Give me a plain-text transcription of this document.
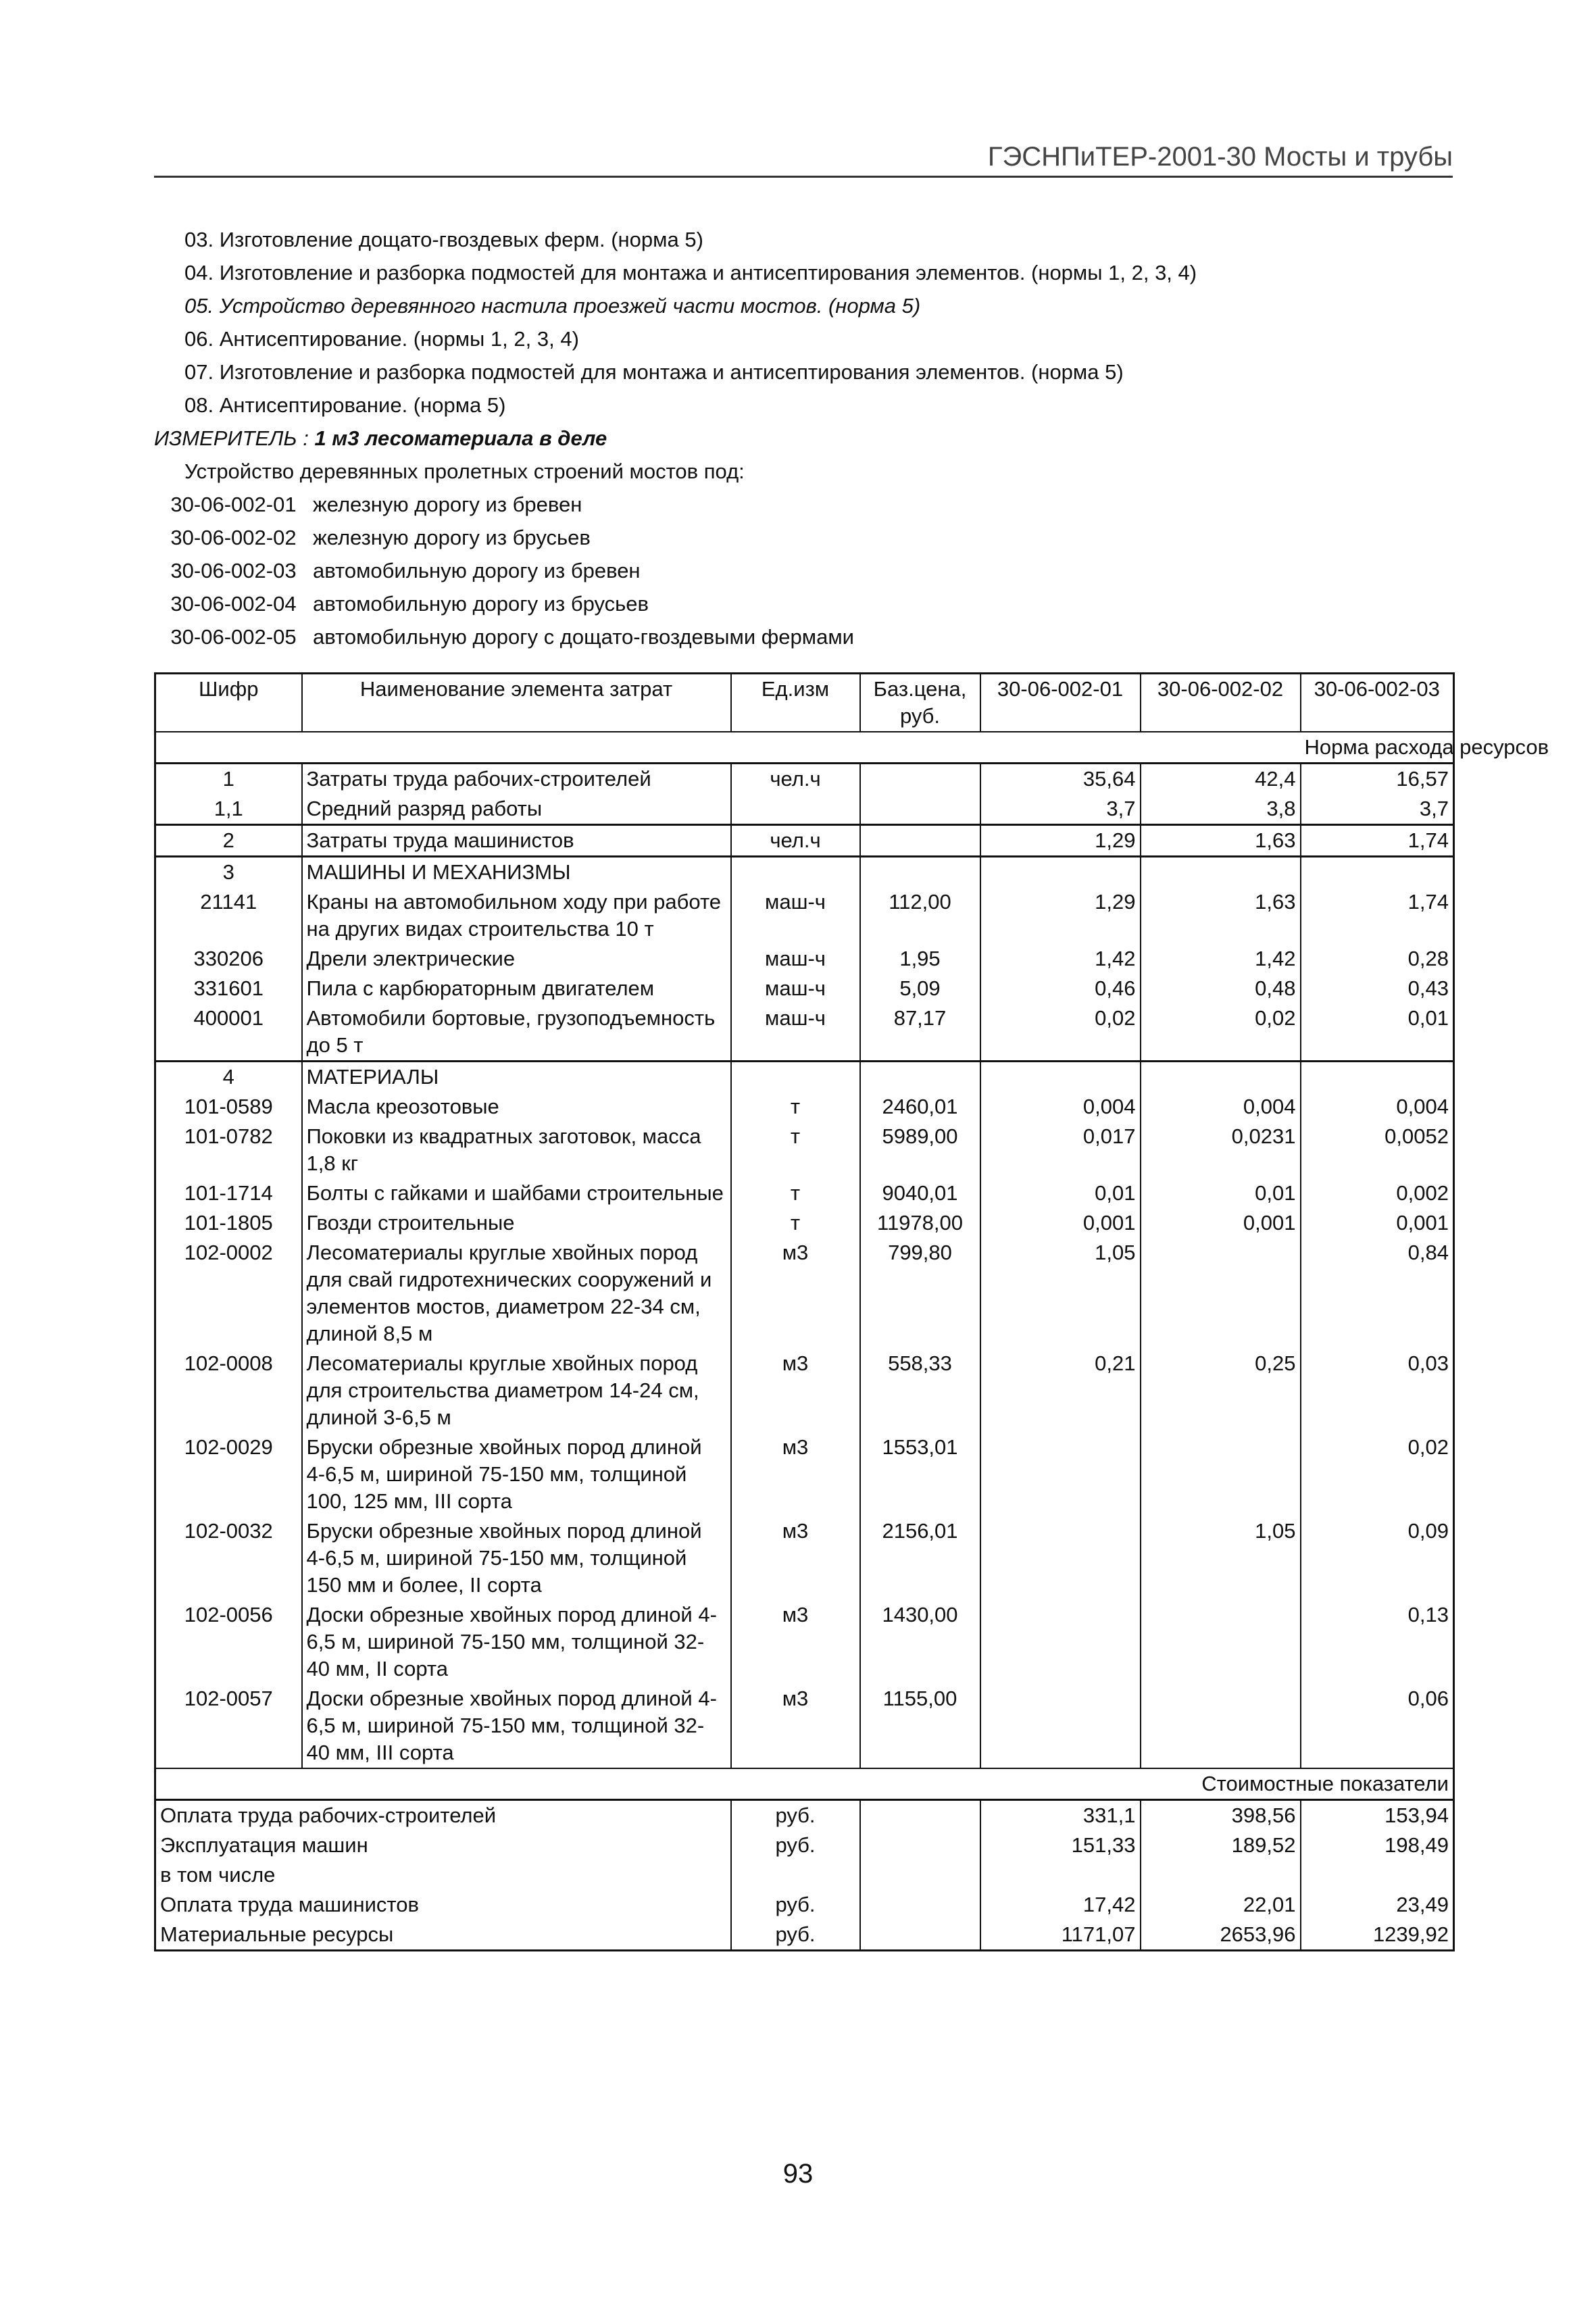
ГЭСНПиТЕР-2001-30 Мосты и трубы
03. Изготовление дощато-гвоздевых ферм. (норма 5)
04. Изготовление и разборка подмостей для монтажа и антисептирования элементов. (нормы 1, 2, 3, 4)
05. Устройство деревянного настила проезжей части мостов. (норма 5)
06. Антисептирование. (нормы 1, 2, 3, 4)
07. Изготовление и разборка подмостей для монтажа и антисептирования элементов. (норма 5)
08. Антисептирование. (норма 5)
ИЗМЕРИТЕЛЬ : 1 м3 лесоматериала в деле
Устройство деревянных пролетных строений мостов под:
30-06-002-01 железную дорогу из бревен
30-06-002-02 железную дорогу из брусьев
30-06-002-03 автомобильную дорогу из бревен
30-06-002-04 автомобильную дорогу из брусьев
30-06-002-05 автомобильную дорогу с дощато-гвоздевыми фермами
Шифр	Наименование элемента затрат	Ед.изм	Баз.цена, руб.	30-06-002-01	30-06-002-02	30-06-002-03
						Норма расхода ресурсов
1	Затраты труда рабочих-строителей	чел.ч		35,64	42,4	16,57
1,1	Средний разряд работы			3,7	3,8	3,7
2	Затраты труда машинистов	чел.ч		1,29	1,63	1,74
3	МАШИНЫ И МЕХАНИЗМЫ					
21141	Краны на автомобильном ходу при работе на других видах строительства 10 т	маш-ч	112,00	1,29	1,63	1,74
330206	Дрели электрические	маш-ч	1,95	1,42	1,42	0,28
331601	Пила с карбюраторным двигателем	маш-ч	5,09	0,46	0,48	0,43
400001	Автомобили бортовые, грузоподъемность до 5 т	маш-ч	87,17	0,02	0,02	0,01
4	МАТЕРИАЛЫ					
101-0589	Масла креозотовые	т	2460,01	0,004	0,004	0,004
101-0782	Поковки из квадратных заготовок, масса 1,8 кг	т	5989,00	0,017	0,0231	0,0052
101-1714	Болты с гайками и шайбами строительные	т	9040,01	0,01	0,01	0,002
101-1805	Гвозди строительные	т	11978,00	0,001	0,001	0,001
102-0002	Лесоматериалы круглые хвойных пород для свай гидротехнических сооружений и элементов мостов, диаметром 22-34 см, длиной 8,5 м	м3	799,80	1,05		0,84
102-0008	Лесоматериалы круглые хвойных пород для строительства диаметром 14-24 см, длиной 3-6,5 м	м3	558,33	0,21	0,25	0,03
102-0029	Бруски обрезные хвойных пород длиной 4-6,5 м, шириной 75-150 мм, толщиной 100, 125 мм, III сорта	м3	1553,01			0,02
102-0032	Бруски обрезные хвойных пород длиной 4-6,5 м, шириной 75-150 мм, толщиной 150 мм и более, II сорта	м3	2156,01		1,05	0,09
102-0056	Доски обрезные хвойных пород длиной 4-6,5 м, шириной 75-150 мм, толщиной 32-40 мм, II сорта	м3	1430,00			0,13
102-0057	Доски обрезные хвойных пород длиной 4-6,5 м, шириной 75-150 мм, толщиной 32-40 мм, III сорта	м3	1155,00			0,06
					Стоимостные показатели	
Оплата труда рабочих-строителей		руб.		331,1	398,56	153,94
Эксплуатация машин		руб.		151,33	189,52	198,49
в том числе						
Оплата труда машинистов		руб.		17,42	22,01	23,49
Материальные ресурсы		руб.		1171,07	2653,96	1239,92
93
